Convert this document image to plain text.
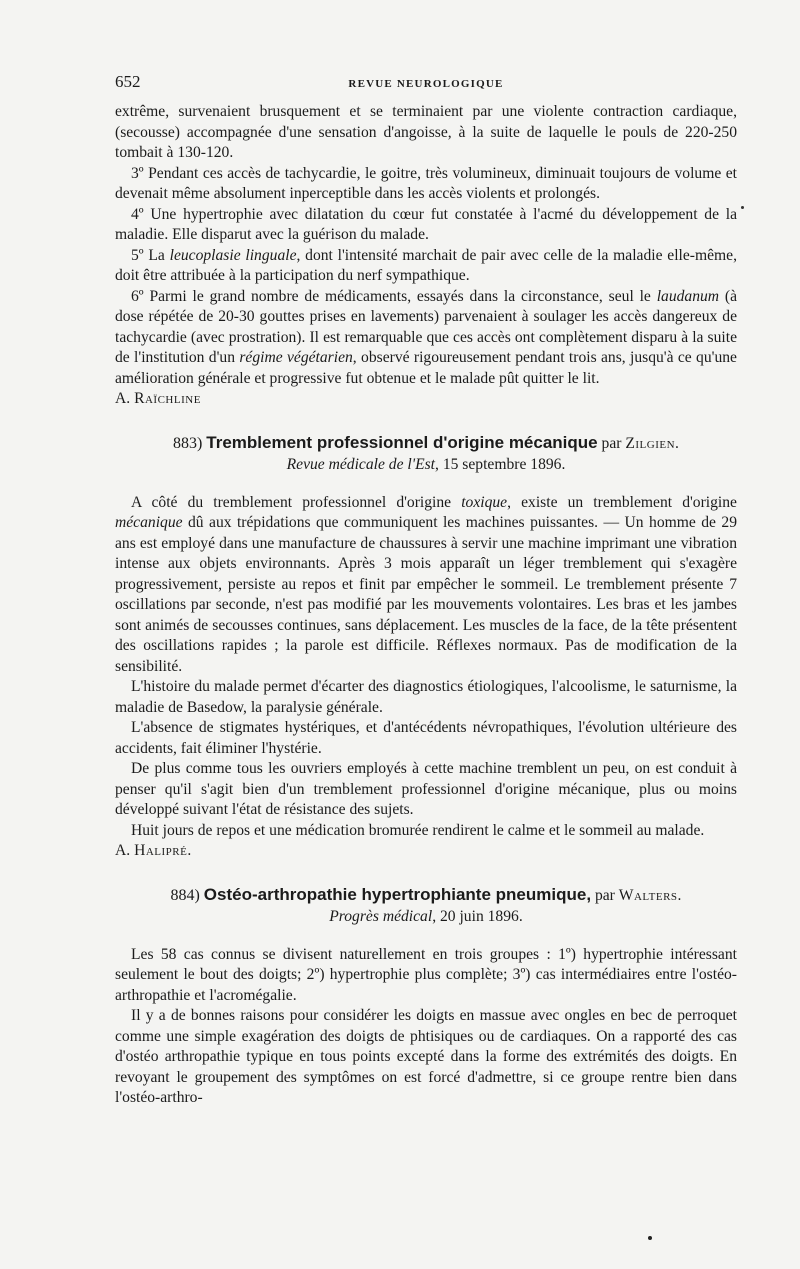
652	REVUE NEUROLOGIQUE

extrême, survenaient brusquement et se terminaient par une violente contraction cardiaque, (secousse) accompagnée d'une sensation d'angoisse, à la suite de laquelle le pouls de 220-250 tombait à 130-120.

3º Pendant ces accès de tachycardie, le goitre, très volumineux, diminuait toujours de volume et devenait même absolument inperceptible dans les accès violents et prolongés.

4º Une hypertrophie avec dilatation du cœur fut constatée à l'acmé du développement de la maladie. Elle disparut avec la guérison du malade.

5º La leucoplasie linguale, dont l'intensité marchait de pair avec celle de la maladie elle-même, doit être attribuée à la participation du nerf sympathique.

6º Parmi le grand nombre de médicaments, essayés dans la circonstance, seul le laudanum (à dose répétée de 20-30 gouttes prises en lavements) parvenaient à soulager les accès dangereux de tachycardie (avec prostration). Il est remarquable que ces accès ont complètement disparu à la suite de l'institution d'un régime végétarien, observé rigoureusement pendant trois ans, jusqu'à ce qu'une amélioration générale et progressive fut obtenue et le malade pût quitter le lit.

A. Raïchline

883) Tremblement professionnel d'origine mécanique par Zilgien.
Revue médicale de l'Est, 15 septembre 1896.

A côté du tremblement professionnel d'origine toxique, existe un tremblement d'origine mécanique dû aux trépidations que communiquent les machines puissantes. — Un homme de 29 ans est employé dans une manufacture de chaussures à servir une machine imprimant une vibration intense aux objets environnants. Après 3 mois apparaît un léger tremblement qui s'exagère progressivement, persiste au repos et finit par empêcher le sommeil. Le tremblement présente 7 oscillations par seconde, n'est pas modifié par les mouvements volontaires. Les bras et les jambes sont animés de secousses continues, sans déplacement. Les muscles de la face, de la tête présentent des oscillations rapides ; la parole est difficile. Réflexes normaux. Pas de modification de la sensibilité.

L'histoire du malade permet d'écarter des diagnostics étiologiques, l'alcoolisme, le saturnisme, la maladie de Basedow, la paralysie générale.

L'absence de stigmates hystériques, et d'antécédents névropathiques, l'évolution ultérieure des accidents, fait éliminer l'hystérie.

De plus comme tous les ouvriers employés à cette machine tremblent un peu, on est conduit à penser qu'il s'agit bien d'un tremblement professionnel d'origine mécanique, plus ou moins développé suivant l'état de résistance des sujets.

Huit jours de repos et une médication bromurée rendirent le calme et le sommeil au malade.

A. Halipré.

884) Ostéo-arthropathie hypertrophiante pneumique, par Walters.
Progrès médical, 20 juin 1896.

Les 58 cas connus se divisent naturellement en trois groupes : 1º) hypertrophie intéressant seulement le bout des doigts; 2º) hypertrophie plus complète; 3º) cas intermédiaires entre l'ostéo-arthropathie et l'acromégalie.

Il y a de bonnes raisons pour considérer les doigts en massue avec ongles en bec de perroquet comme une simple exagération des doigts de phtisiques ou de cardiaques. On a rapporté des cas d'ostéo arthropathie typique en tous points excepté dans la forme des extrémités des doigts. En revoyant le groupement des symptômes on est forcé d'admettre, si ce groupe rentre bien dans l'ostéo-arthro-
